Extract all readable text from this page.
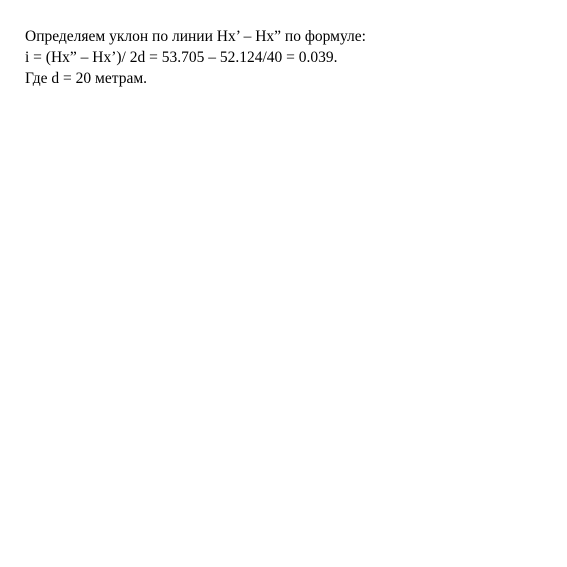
Определяем уклон по линии Нх’ – Нх” по формуле:
i = (Нх” – Нх’)/ 2d = 53.705 – 52.124/40 = 0.039.
Где d = 20 метрам.
